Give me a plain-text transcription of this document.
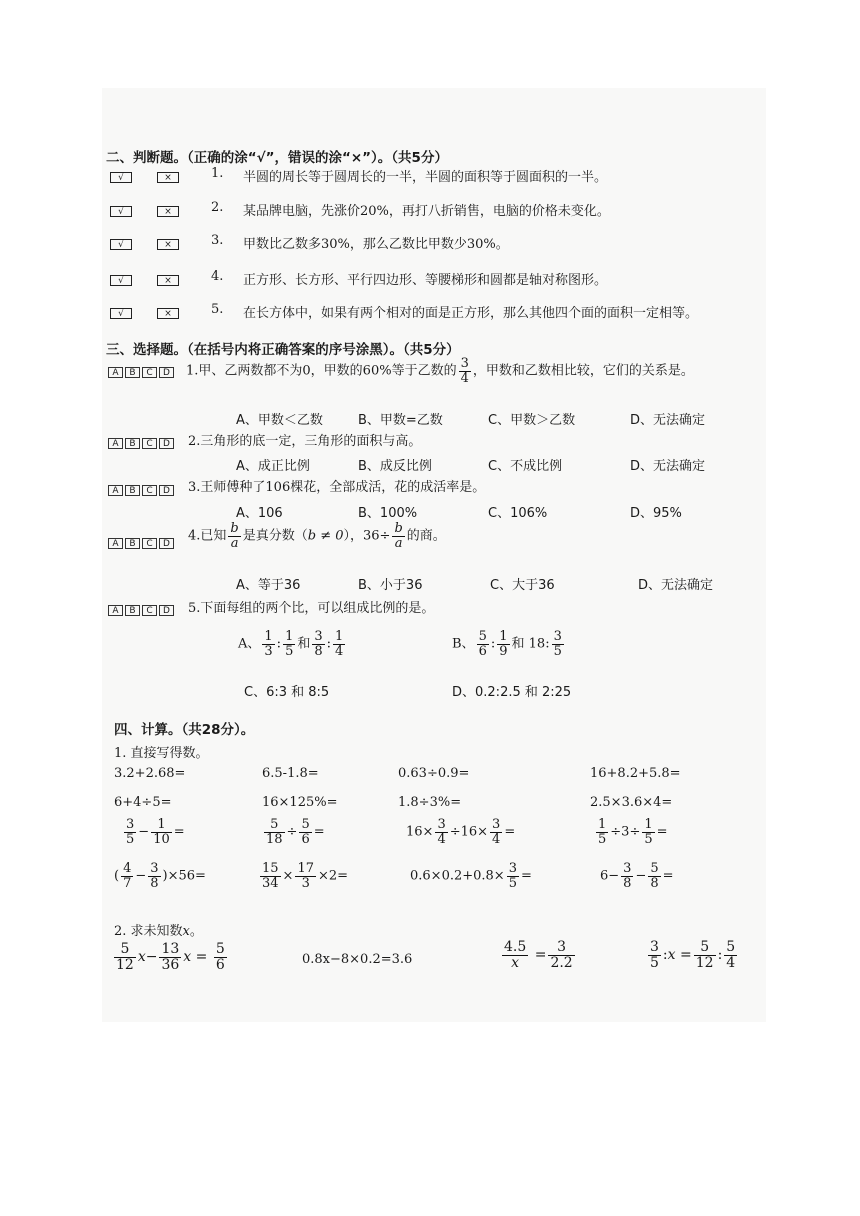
二、判断题。（正确的涂“√”，错误的涂“×”）。（共5分）
√	×	1. 半圆的周长等于圆周长的一半，半圆的面积等于圆面积的一半。
√	×	2. 某品牌电脑，先涨价20%，再打八折销售，电脑的价格未变化。
√	×	3. 甲数比乙数多30%，那么乙数比甲数少30%。
√	×	4. 正方形、长方形、平行四边形、等腰梯形和圆都是轴对称图形。
√	×	5. 在长方体中，如果有两个相对的面是正方形，那么其他四个面的面积一定相等。
三、选择题。（在括号内将正确答案的序号涂黑）。（共5分）
A B C D	1.甲、乙两数都不为0，甲数的60%等于乙数的 $\frac{3}{4}$ ，甲数和乙数相比较，它们的关系是。
A、甲数＜乙数	B、甲数=乙数	C、甲数＞乙数	D、无法确定
A B C D	2.三角形的底一定，三角形的面积与高。
A、成正比例	B、成反比例	C、不成比例	D、无法确定
A B C D	3.王师傅种了106棵花，全部成活，花的成活率是。
A、106	B、100%	C、106%	D、95%
A B C D
4.已知 $\frac{b}{a}$ 是真分数（b ≠ 0），$36\div \frac{b}{a}$ 的商。
A、等于36	B、小于36	C、大于36	D、无法确定
A B C D	5.下面每组的两个比，可以组成比例的是。
A、 $\frac{1}{3}$ : $\frac{1}{5}$ 和 $\frac{3}{8}$ : $\frac{1}{4}$	B、 $\frac{5}{6}$ : $\frac{1}{9}$ 和 18: $\frac{3}{5}$
C、6:3 和 8:5	D、0.2:2.5 和 2:25
四、计算。（共28分）。
1. 直接写得数。
3.2+2.68=	6.5-1.8=	0.63÷0.9=	16+8.2+5.8=
6+4÷5=	16×125%=	1.8÷3%=	2.5×3.6×4=
$\frac{3}{5} - \frac{1}{10}$ =	$\frac{5}{18} \div \frac{5}{6}$ =	$16\times \frac{3}{4} \div 16\times \frac{3}{4}$ =	$\frac{1}{5} \div 3\div \frac{1}{5}$ =
( $\frac{4}{7} - \frac{3}{8} )\times 56=$	$\frac{15}{34} \times \frac{17}{3} \times 2=$	$0.6\times 0.2+0.8\times \frac{3}{5}$ =	$6- \frac{3}{8} - \frac{5}{8}$ =
2. 求未知数x。
$\frac{5}{12} x- \frac{13}{36}$ $x = \frac{5}{6}$	0.8x−8×0.2=3.6	$\frac{4.5}{x} = \frac{3}{2.2}$	$\frac{3}{5}$ :x = $\frac{5}{12}$ : $\frac{5}{4}$
